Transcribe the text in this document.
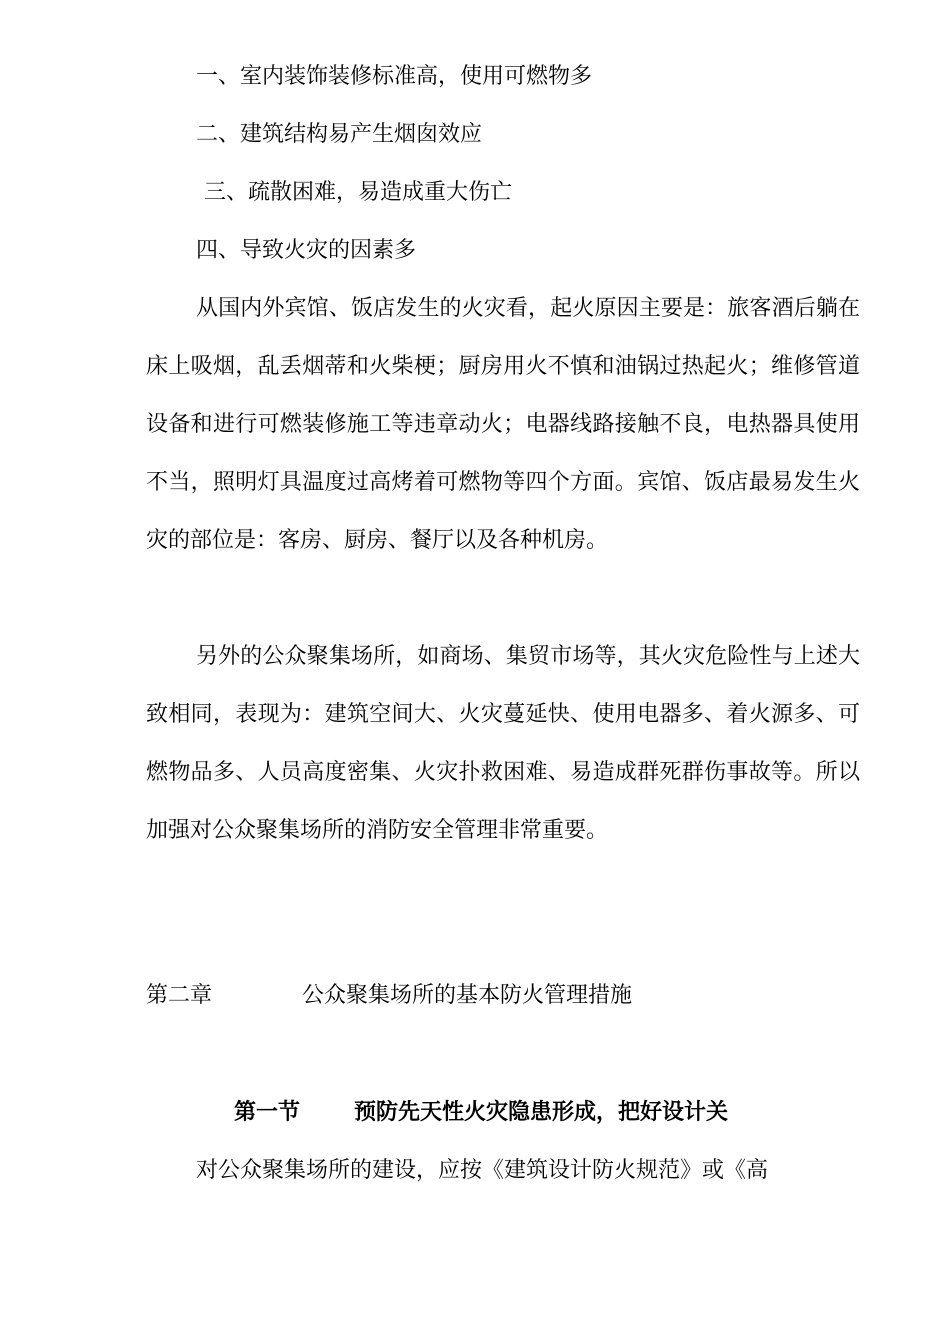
一、室内装饰装修标准高，使用可燃物多
二、建筑结构易产生烟囱效应
三、疏散困难，易造成重大伤亡
四、导致火灾的因素多

从国内外宾馆、饭店发生的火灾看，起火原因主要是：旅客酒后躺在床上吸烟，乱丢烟蒂和火柴梗；厨房用火不慎和油锅过热起火；维修管道设备和进行可燃装修施工等违章动火；电器线路接触不良，电热器具使用不当，照明灯具温度过高烤着可燃物等四个方面。宾馆、饭店最易发生火灾的部位是：客房、厨房、餐厅以及各种机房。

另外的公众聚集场所，如商场、集贸市场等，其火灾危险性与上述大致相同，表现为：建筑空间大、火灾蔓延快、使用电器多、着火源多、可燃物品多、人员高度密集、火灾扑救困难、易造成群死群伤事故等。所以加强对公众聚集场所的消防安全管理非常重要。

第二章	公众聚集场所的基本防火管理措施
第一节 预防先天性火灾隐患形成，把好设计关

对公众聚集场所的建设，应按《建筑设计防火规范》或《高
